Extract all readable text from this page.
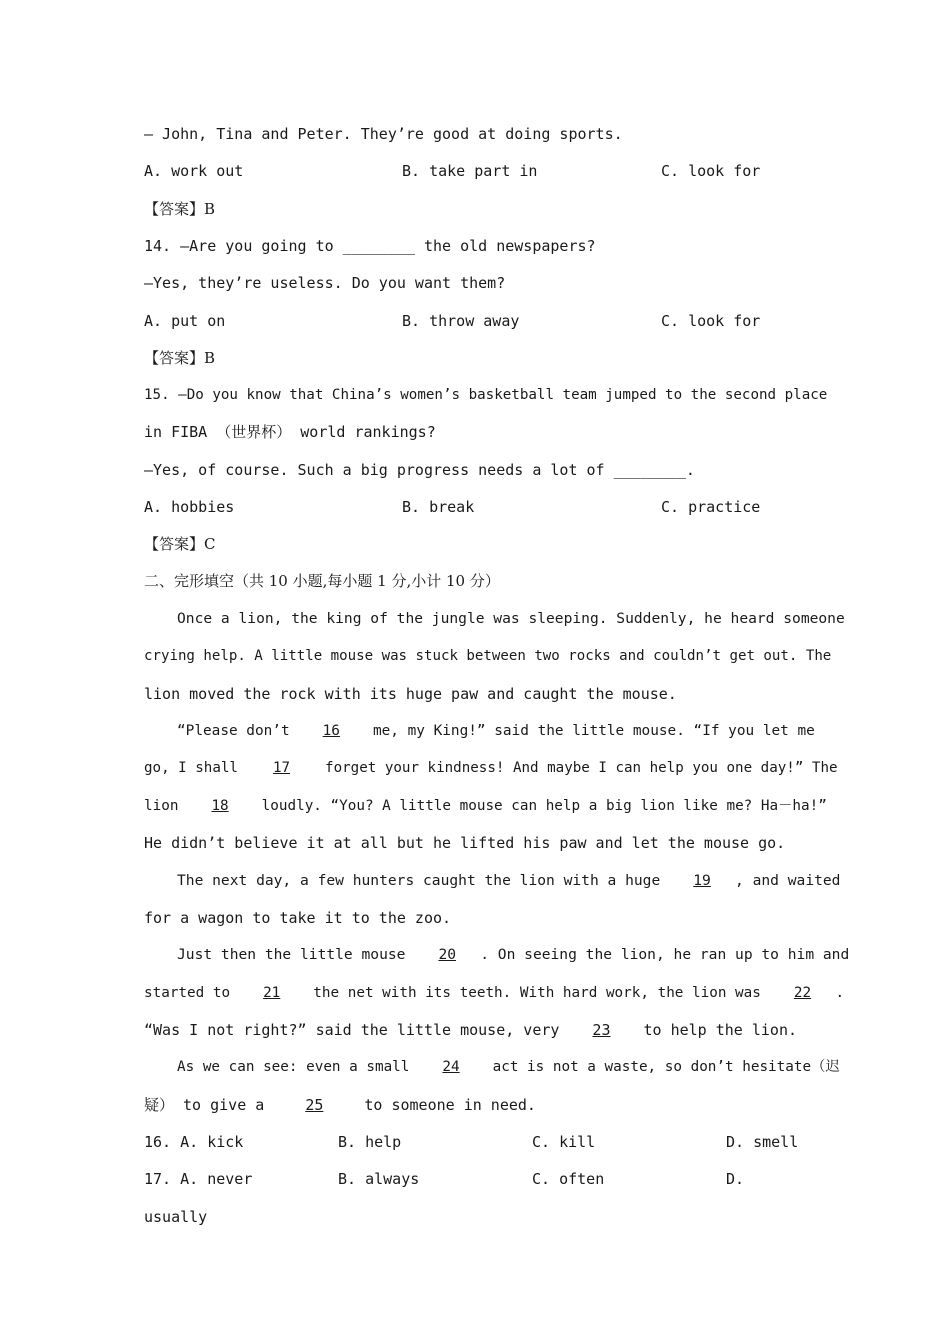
— John, Tina and Peter. They’re good at doing sports.
A. work out	B. take part in	C. look for
【答案】B
14. —Are you going to ________ the old newspapers?
—Yes, they’re useless. Do you want them?
A. put on	B. throw away	C. look for
【答案】B
15. —Do you know that China’s women’s basketball team jumped to the second place
in FIBA （世界杯） world rankings?
—Yes, of course. Such a big progress needs a lot of ________.
A. hobbies	B. break	C. practice
【答案】C
二、完形填空（共 10 小题,每小题 1 分,小计 10 分）
Once a lion, the king of the jungle was sleeping. Suddenly, he heard someone
crying help. A little mouse was stuck between two rocks and couldn’t get out. The
lion moved the rock with its huge paw and caught the mouse.
“Please don’t 16 me, my King!” said the little mouse. “If you let me
go, I shall 17 forget your kindness! And maybe I can help you one day!” The
lion 18 loudly. “You? A little mouse can help a big lion like me? Ha－ha!”
He didn’t believe it at all but he lifted his paw and let the mouse go.
The next day, a few hunters caught the lion with a huge 19 , and waited
for a wagon to take it to the zoo.
Just then the little mouse 20 . On seeing the lion, he ran up to him and
started to 21 the net with its teeth. With hard work, the lion was 22 .
“Was I not right?” said the little mouse, very 23 to help the lion.
As we can see: even a small 24 act is not a waste, so don’t hesitate（迟
疑） to give a 25 to someone in need.
16. A. kick	B. help	C. kill	D. smell
17. A. never	B. always	C. often	D.
usually
